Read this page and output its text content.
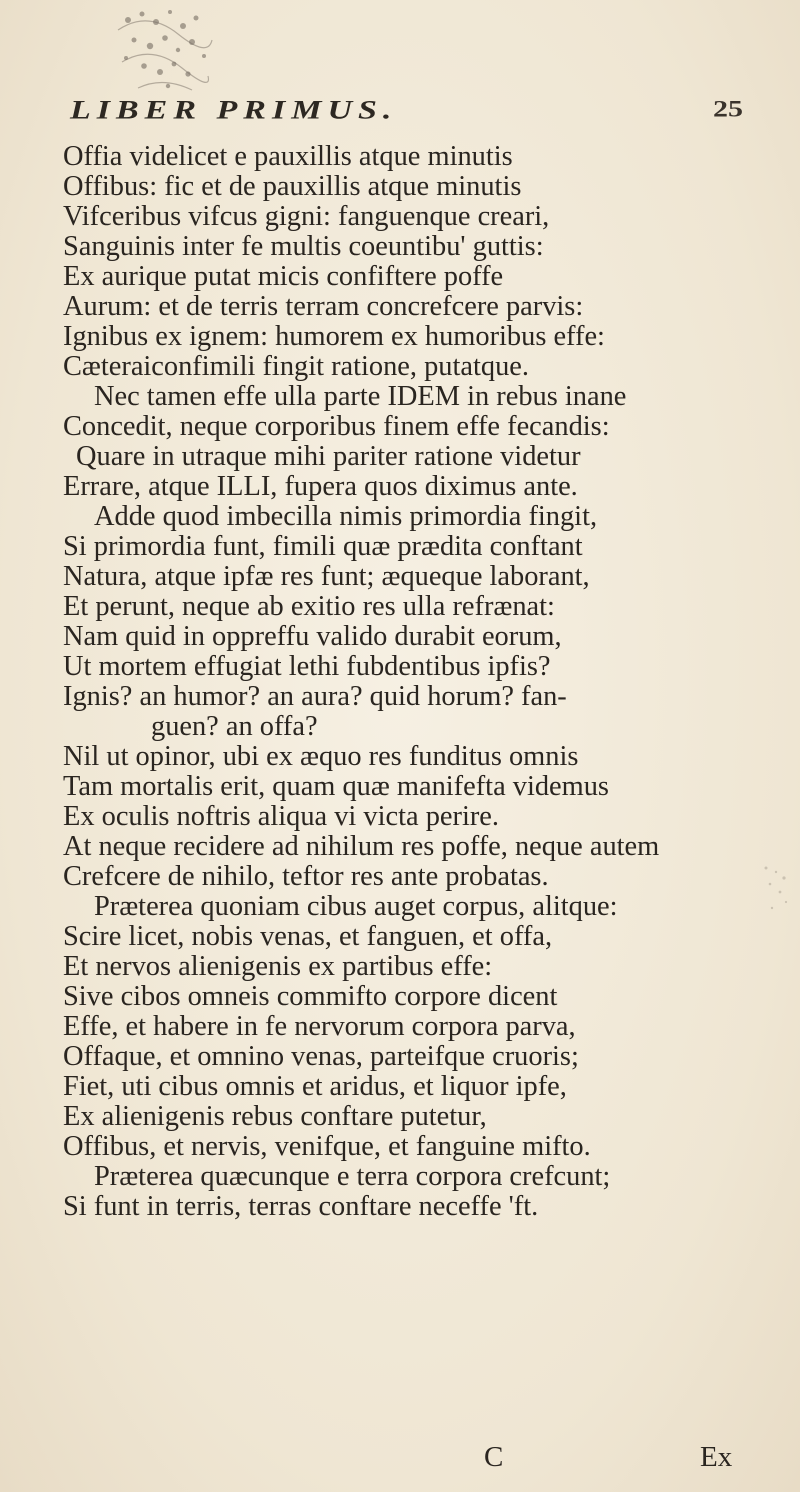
LIBER PRIMUS.	25
Offia videlicet e pauxillis atque minutis
Offibus: fic et de pauxillis atque minutis
Vifceribus vifcus gigni: fanguenque creari,
Sanguinis inter fe multis coeuntibu' guttis:
Ex aurique putat micis confiftere poffe
Aurum: et de terris terram concrefcere parvis:
Ignibus ex ignem: humorem ex humoribus effe:
Cæteraiconfimili fingit ratione, putatque.
Nec tamen effe ulla parte IDEM in rebus inane
Concedit, neque corporibus finem effe fecandis:
Quare in utraque mihi pariter ratione videtur
Errare, atque ILLI, fupera quos diximus ante.
Adde quod imbecilla nimis primordia fingit,
Si primordia funt, fimili quæ prædita conftant
Natura, atque ipfæ res funt; æqueque laborant,
Et perunt, neque ab exitio res ulla refrænat:
Nam quid in oppreffu valido durabit eorum,
Ut mortem effugiat lethi fubdentibus ipfis?
Ignis? an humor? an aura? quid horum? fan-
guen? an offa?
Nil ut opinor, ubi ex æquo res funditus omnis
Tam mortalis erit, quam quæ manifefta videmus
Ex oculis noftris aliqua vi victa perire.
At neque recidere ad nihilum res poffe, neque autem
Crefcere de nihilo, teftor res ante probatas.
Præterea quoniam cibus auget corpus, alitque:
Scire licet, nobis venas, et fanguen, et offa,
Et nervos alienigenis ex partibus effe:
Sive cibos omneis commifto corpore dicent
Effe, et habere in fe nervorum corpora parva,
Offaque, et omnino venas, parteifque cruoris;
Fiet, uti cibus omnis et aridus, et liquor ipfe,
Ex alienigenis rebus conftare putetur,
Offibus, et nervis, venifque, et fanguine mifto.
Præterea quæcunque e terra corpora crefcunt;
Si funt in terris, terras conftare neceffe 'ft.
C	Ex
